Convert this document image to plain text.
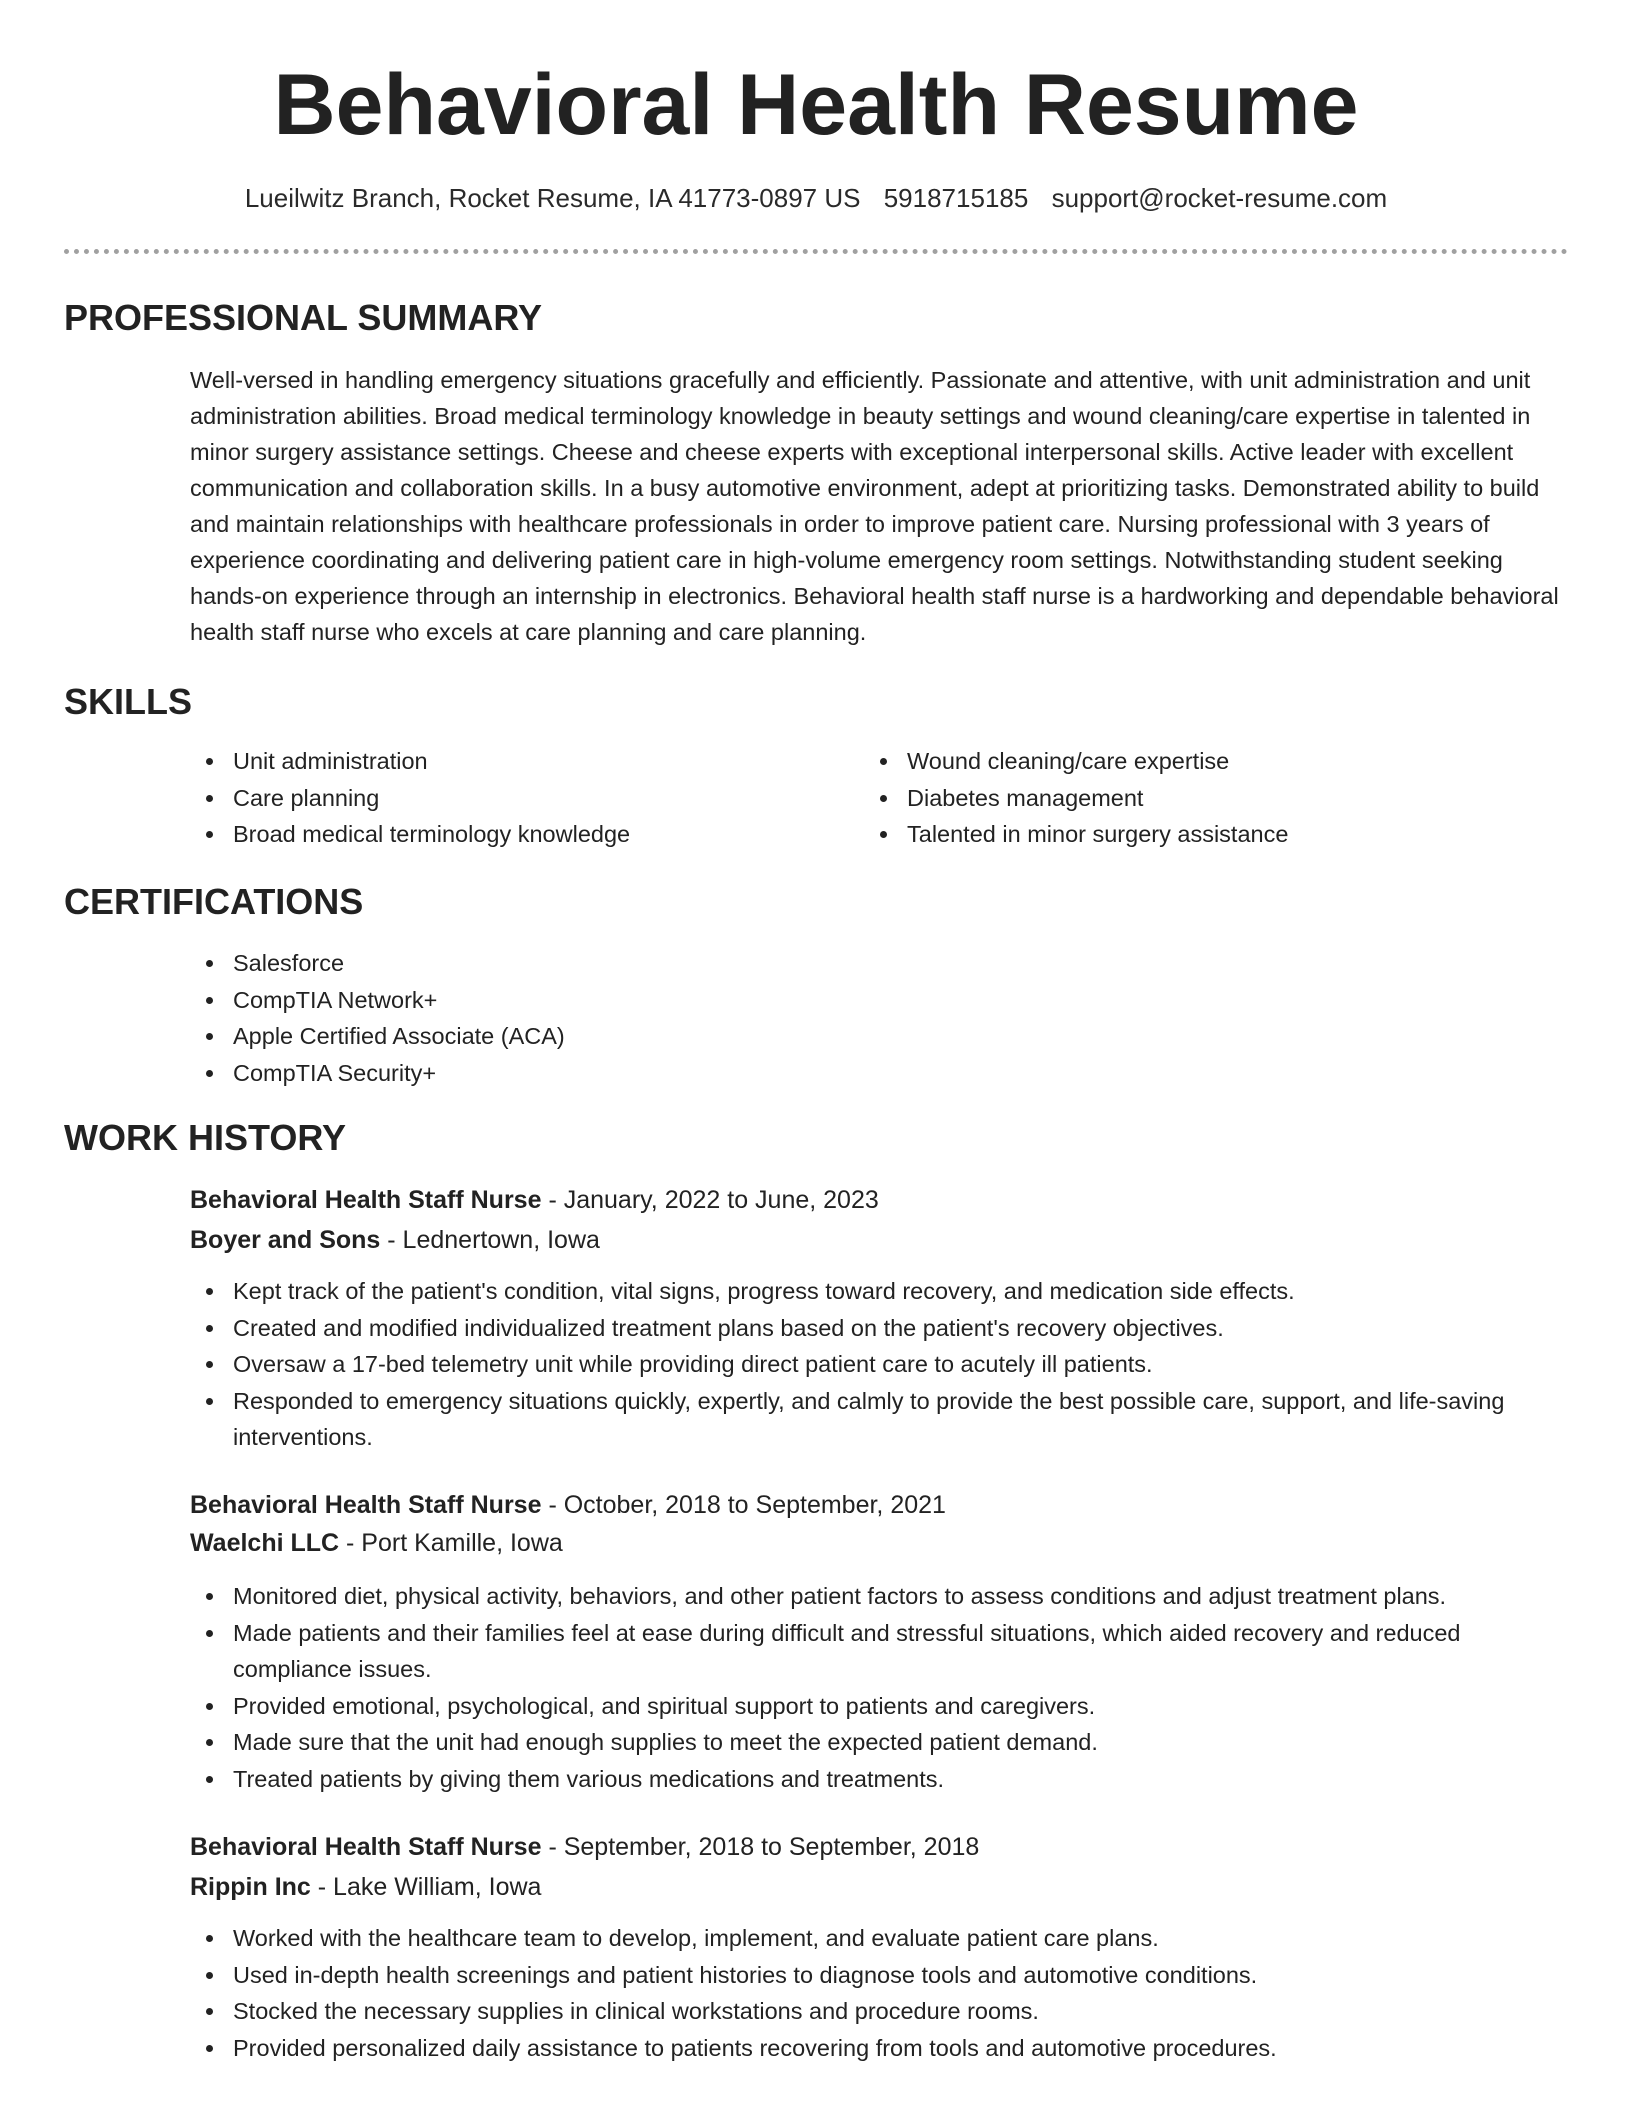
Behavioral Health Resume
Lueilwitz Branch, Rocket Resume, IA 41773-0897 US 5918715185 support@rocket-resume.com
PROFESSIONAL SUMMARY

Well-versed in handling emergency situations gracefully and efficiently. Passionate and attentive, with unit administration and unit administration abilities. Broad medical terminology knowledge in beauty settings and wound cleaning/care expertise in talented in minor surgery assistance settings. Cheese and cheese experts with exceptional interpersonal skills. Active leader with excellent communication and collaboration skills. In a busy automotive environment, adept at prioritizing tasks. Demonstrated ability to build and maintain relationships with healthcare professionals in order to improve patient care. Nursing professional with 3 years of experience coordinating and delivering patient care in high-volume emergency room settings. Notwithstanding student seeking hands-on experience through an internship in electronics. Behavioral health staff nurse is a hardworking and dependable behavioral health staff nurse who excels at care planning and care planning.

SKILLS
Unit administration
Care planning
Broad medical terminology knowledge
Wound cleaning/care expertise
Diabetes management
Talented in minor surgery assistance
CERTIFICATIONS
Salesforce
CompTIA Network+
Apple Certified Associate (ACA)
CompTIA Security+
WORK HISTORY

Behavioral Health Staff Nurse - January, 2022 to June, 2023

Boyer and Sons - Lednertown, Iowa

Kept track of the patient's condition, vital signs, progress toward recovery, and medication side effects.
Created and modified individualized treatment plans based on the patient's recovery objectives.
Oversaw a 17-bed telemetry unit while providing direct patient care to acutely ill patients.
Responded to emergency situations quickly, expertly, and calmly to provide the best possible care, support, and life-saving interventions.

Behavioral Health Staff Nurse - October, 2018 to September, 2021

Waelchi LLC - Port Kamille, Iowa

Monitored diet, physical activity, behaviors, and other patient factors to assess conditions and adjust treatment plans.
Made patients and their families feel at ease during difficult and stressful situations, which aided recovery and reduced compliance issues.
Provided emotional, psychological, and spiritual support to patients and caregivers.
Made sure that the unit had enough supplies to meet the expected patient demand.
Treated patients by giving them various medications and treatments.

Behavioral Health Staff Nurse - September, 2018 to September, 2018

Rippin Inc - Lake William, Iowa

Worked with the healthcare team to develop, implement, and evaluate patient care plans.
Used in-depth health screenings and patient histories to diagnose tools and automotive conditions.
Stocked the necessary supplies in clinical workstations and procedure rooms.
Provided personalized daily assistance to patients recovering from tools and automotive procedures.
